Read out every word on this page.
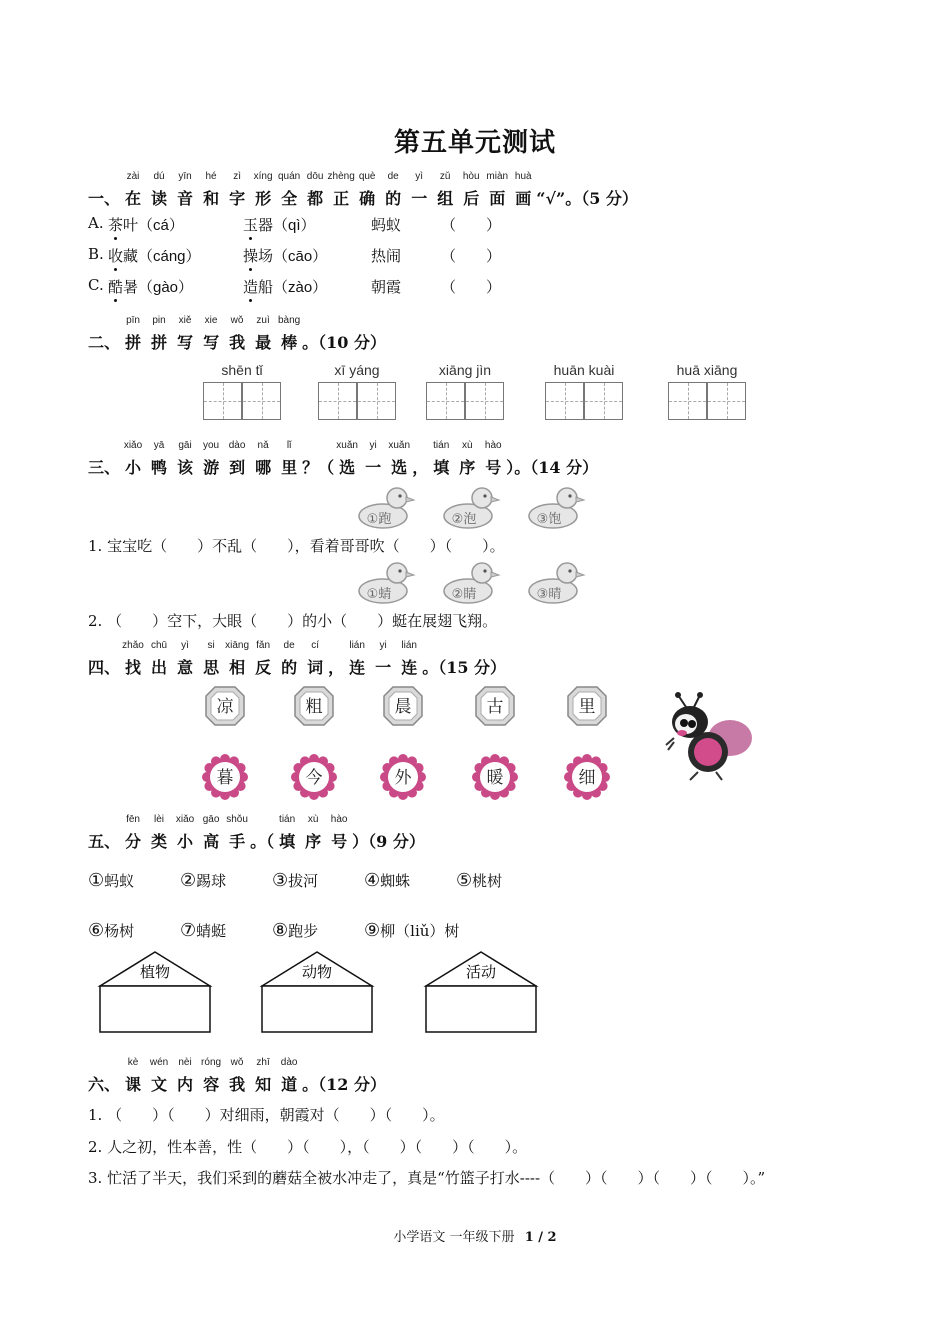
第五单元测试
一、 在
zài
读
dú
音
yīn
和
hé
字
zì
形
xíng
全
quán
都
dōu
正
zhèng
确
què
的
de
一
yì
组
zǔ
后
hòu
面
miàn
画
huà
“√”。（5 分）
A. 茶叶 （cá）	玉器 （qì）	蚂蚁	（　　）
B. 收藏 （cáng）	操场 （cāo）	热闹	（　　）
C. 酷暑 （gào）	造船 （zào）	朝霞	（　　）
二、 拼
pīn
拼
pin
写
xiě
写
xie
我
wǒ
最
zuì
棒
bàng
。（10 分）
shēn tǐ	xī yáng	xiāng jìn	huān kuài	huā xiāng
三、 小
xiǎo
鸭
yā
该
gāi
游
you
到
dào
哪
nǎ
里
lǐ
？（ 选
xuǎn
一
yi
选
xuǎn
， 填
tián
序
xù
号
hào
）。（14 分）
①跑	②泡	③饱
1. 宝宝吃（　　）不乱（　　），看着哥哥吹（　　）（　　）。
①蜻	②睛	③晴
2. （　　）空下，大眼（　　）的小（　　）蜓在展翅飞翔。
四、 找
zhǎo
出
chū
意
yì
思
si
相
xiāng
反
fǎn
的
de
词
cí
， 连
lián
一
yi
连
lián
。（15 分）
凉	粗	晨	古	里
暮	今	外	暖	细
五、 分
fēn
类
lèi
小
xiǎo
高
gāo
手
shǒu
。（ 填
tián
序
xù
号
hào
）（9 分）
①蚂蚁	②踢球	③拔河	④蜘蛛	⑤桃树
⑥杨树	⑦蜻蜓	⑧跑步	⑨柳（liǔ）树
植物	动物	活动
六、 课
kè
文
wén
内
nèi
容
róng
我
wǒ
知
zhī
道
dào
。（12 分）
1. （　　）（　　）对细雨，朝霞对（　　）（　　）。
2. 人之初，性本善，性（　　）（　　），（　　）（　　）（　　）。
3. 忙活了半天，我们采到的蘑菇全被水冲走了，真是“竹篮子打水----（　　）（　　）（　　）（　　）。”
小学语文 一年级下册 1 / 2
